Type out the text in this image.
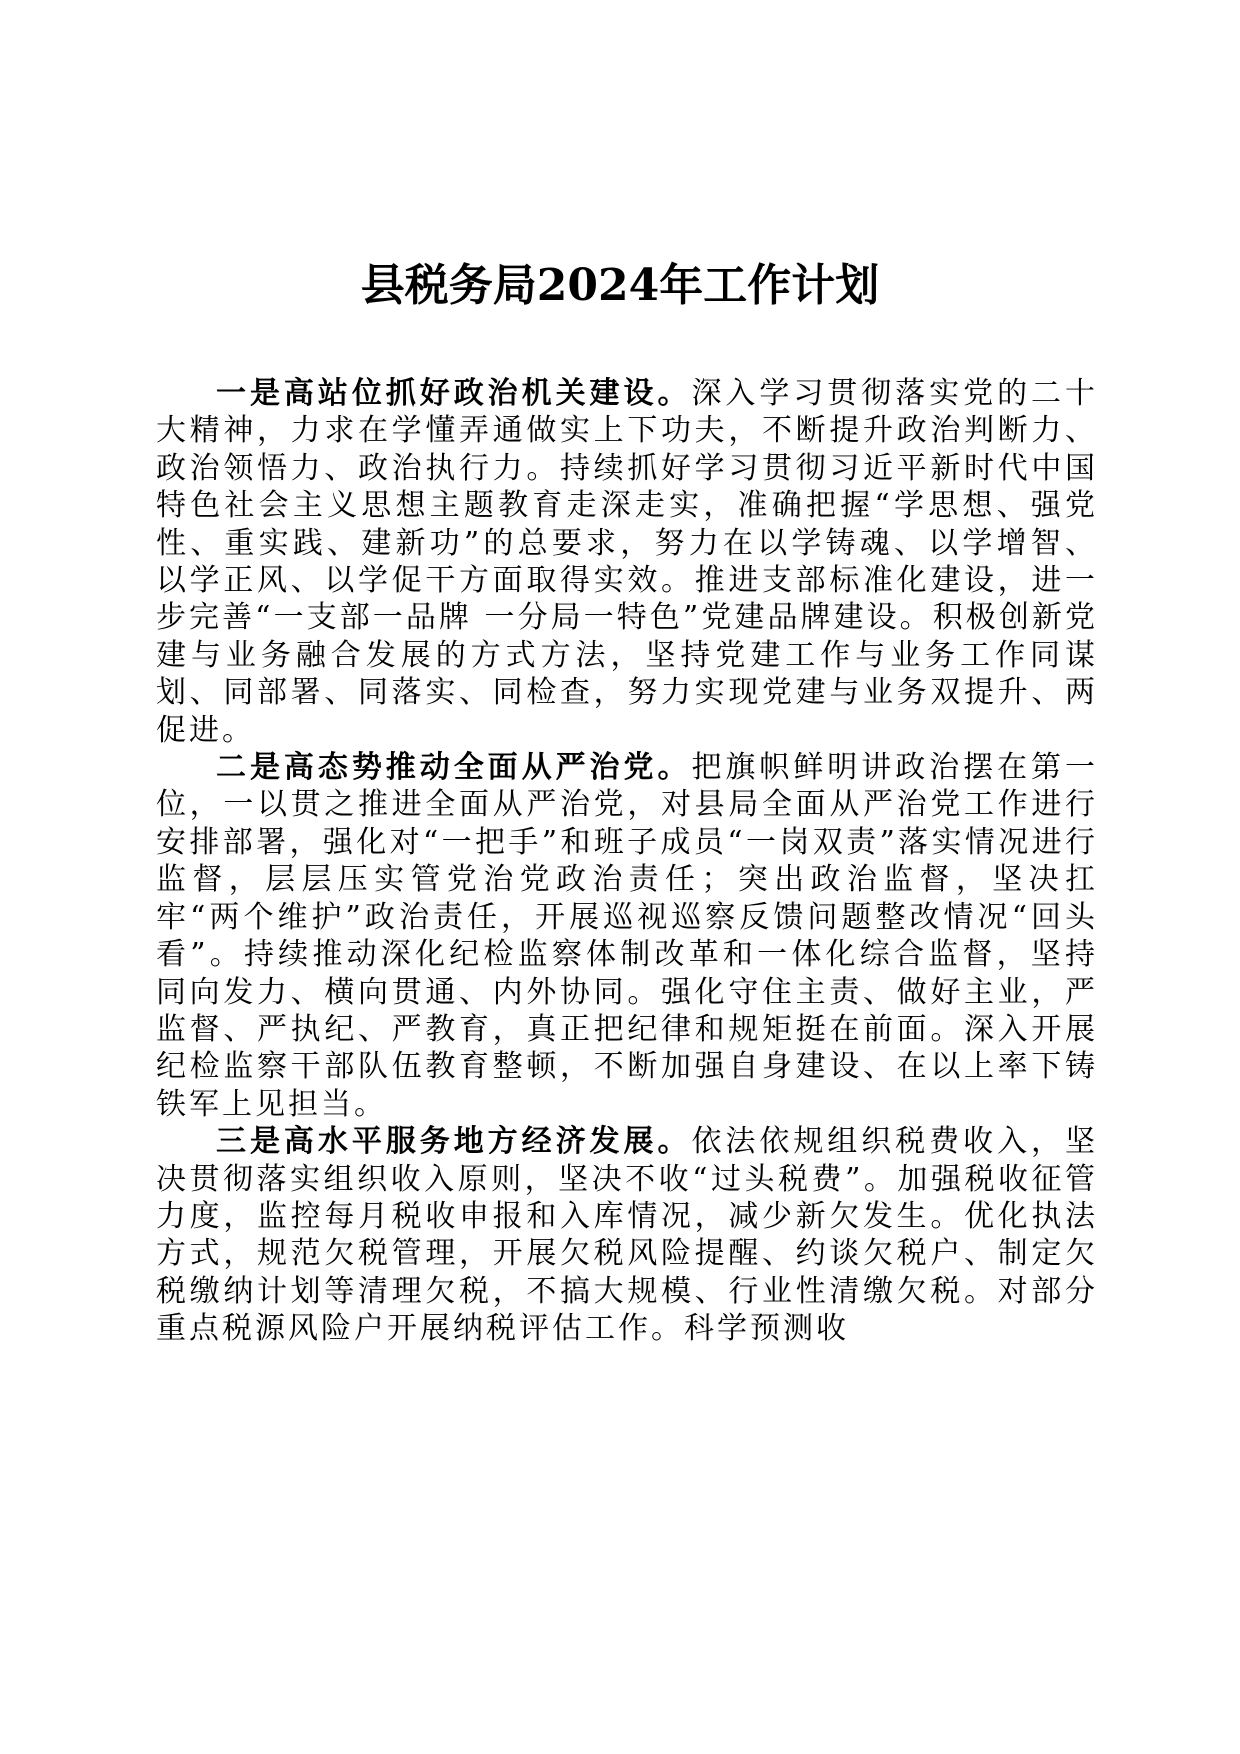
县税务局2024年工作计划

一是高站位抓好政治机关建设。深入学习贯彻落实党的二十大精神，力求在学懂弄通做实上下功夫，不断提升政治判断力、政治领悟力、政治执行力。持续抓好学习贯彻习近平新时代中国特色社会主义思想主题教育走深走实，准确把握“学思想、强党性、重实践、建新功”的总要求，努力在以学铸魂、以学增智、以学正风、以学促干方面取得实效。推进支部标准化建设，进一步完善“一支部一品牌 一分局一特色”党建品牌建设。积极创新党建与业务融合发展的方式方法，坚持党建工作与业务工作同谋划、同部署、同落实、同检查，努力实现党建与业务双提升、两促进。

二是高态势推动全面从严治党。把旗帜鲜明讲政治摆在第一位，一以贯之推进全面从严治党，对县局全面从严治党工作进行安排部署，强化对“一把手”和班子成员“一岗双责”落实情况进行监督，层层压实管党治党政治责任；突出政治监督，坚决扛牢“两个维护”政治责任，开展巡视巡察反馈问题整改情况“回头看”。持续推动深化纪检监察体制改革和一体化综合监督，坚持同向发力、横向贯通、内外协同。强化守住主责、做好主业，严监督、严执纪、严教育，真正把纪律和规矩挺在前面。深入开展纪检监察干部队伍教育整顿，不断加强自身建设、在以上率下铸铁军上见担当。

三是高水平服务地方经济发展。依法依规组织税费收入，坚决贯彻落实组织收入原则，坚决不收“过头税费”。加强税收征管力度，监控每月税收申报和入库情况，减少新欠发生。优化执法方式，规范欠税管理，开展欠税风险提醒、约谈欠税户、制定欠税缴纳计划等清理欠税，不搞大规模、行业性清缴欠税。对部分重点税源风险户开展纳税评估工作。科学预测收
